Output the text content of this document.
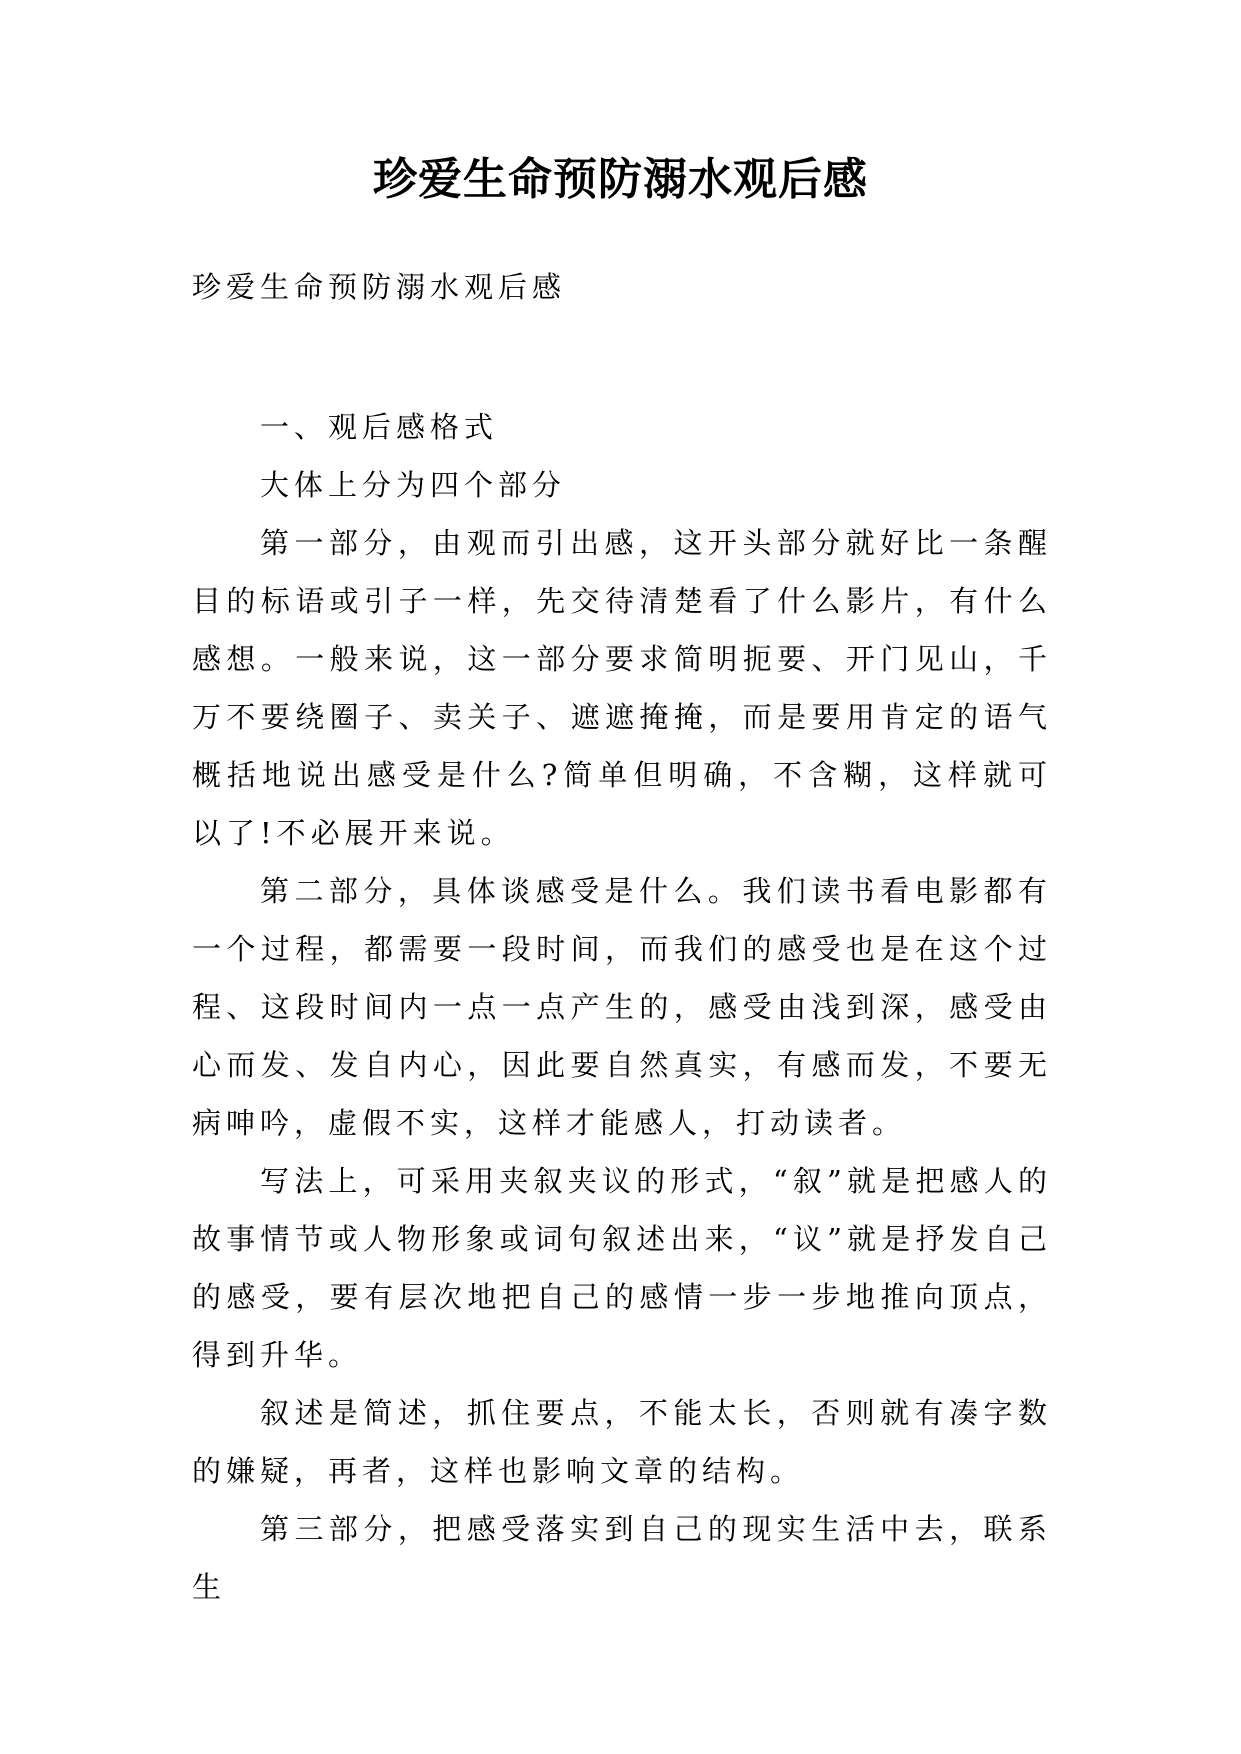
珍爱生命预防溺水观后感
珍爱生命预防溺水观后感

一、观后感格式

大体上分为四个部分

第一部分，由观而引出感，这开头部分就好比一条醒目的标语或引子一样，先交待清楚看了什么影片，有什么感想。一般来说，这一部分要求简明扼要、开门见山，千万不要绕圈子、卖关子、遮遮掩掩，而是要用肯定的语气概括地说出感受是什么?简单但明确，不含糊，这样就可以了!不必展开来说。

第二部分，具体谈感受是什么。我们读书看电影都有一个过程，都需要一段时间，而我们的感受也是在这个过程、这段时间内一点一点产生的，感受由浅到深，感受由心而发、发自内心，因此要自然真实，有感而发，不要无病呻吟，虚假不实，这样才能感人，打动读者。

写法上，可采用夹叙夹议的形式，“叙”就是把感人的故事情节或人物形象或词句叙述出来，“议”就是抒发自己的感受，要有层次地把自己的感情一步一步地推向顶点，得到升华。

叙述是简述，抓住要点，不能太长，否则就有凑字数的嫌疑，再者，这样也影响文章的结构。

第三部分，把感受落实到自己的现实生活中去，联系生
